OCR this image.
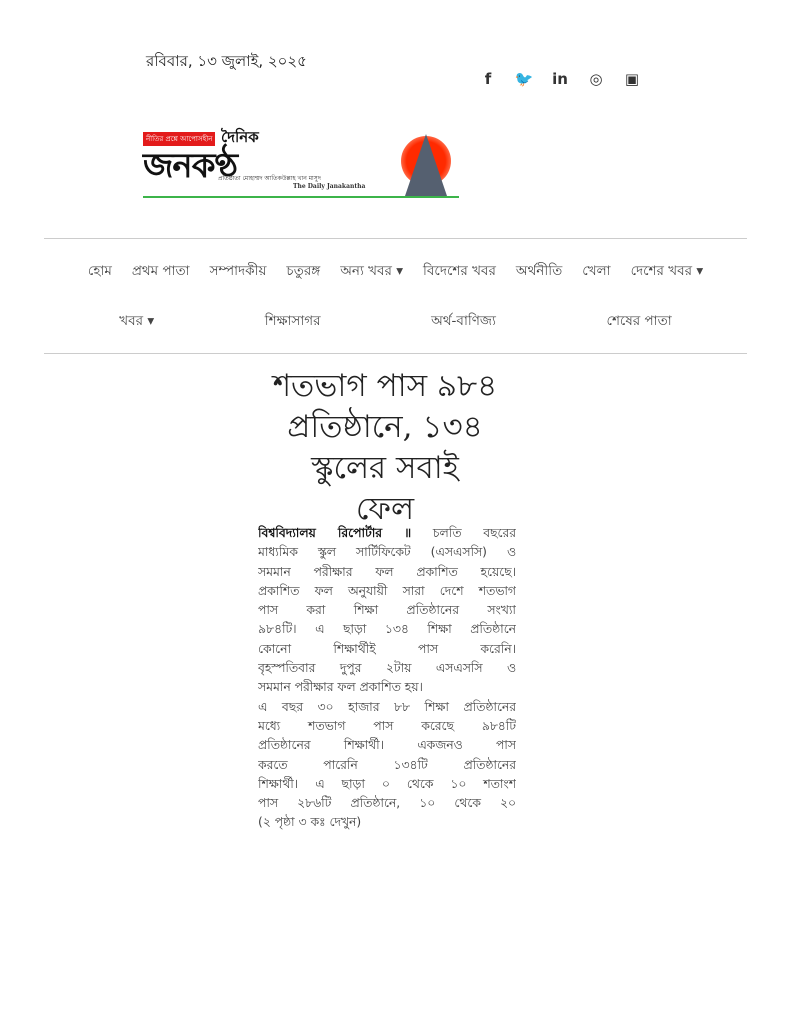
রবিবার, ১৩ জুলাই, ২০২৫
f	🐦	in	◎	▣
নীতির প্রশ্নে আপোসহীন দৈনিক
জনকণ্ঠ
প্রতিষ্ঠাতা মোহাম্মদ আতিকউল্লাহ খান মাসুদ
The Daily Janakantha
হোম প্রথম পাতা সম্পাদকীয় চতুরঙ্গ অন্য খবর ▾ বিদেশের খবর অর্থনীতি খেলা দেশের খবর ▾
খবর ▾	শিক্ষাসাগর	অর্থ-বাণিজ্য	শেষের পাতা
শতভাগ পাস ৯৮৪
প্রতিষ্ঠানে, ১৩৪
স্কুলের সবাই
ফেল
বিশ্ববিদ্যালয় রিপোর্টার ॥ চলতি বছরের
মাধ্যমিক স্কুল সার্টিফিকেট (এসএসসি) ও
সমমান পরীক্ষার ফল প্রকাশিত হয়েছে।
প্রকাশিত ফল অনুযায়ী সারা দেশে শতভাগ
পাস করা শিক্ষা প্রতিষ্ঠানের সংখ্যা
৯৮৪টি। এ ছাড়া ১৩৪ শিক্ষা প্রতিষ্ঠানে
কোনো শিক্ষার্থীই পাস করেনি।
বৃহস্পতিবার দুপুর ২টায় এসএসসি ও
সমমান পরীক্ষার ফল প্রকাশিত হয়।
এ বছর ৩০ হাজার ৮৮ শিক্ষা প্রতিষ্ঠানের
মধ্যে শতভাগ পাস করেছে ৯৮৪টি
প্রতিষ্ঠানের শিক্ষার্থী। একজনও পাস
করতে পারেনি ১৩৪টি প্রতিষ্ঠানের
শিক্ষার্থী। এ ছাড়া ০ থেকে ১০ শতাংশ
পাস ২৮৬টি প্রতিষ্ঠানে, ১০ থেকে ২০
(২ পৃষ্ঠা ৩ কঃ দেখুন)
